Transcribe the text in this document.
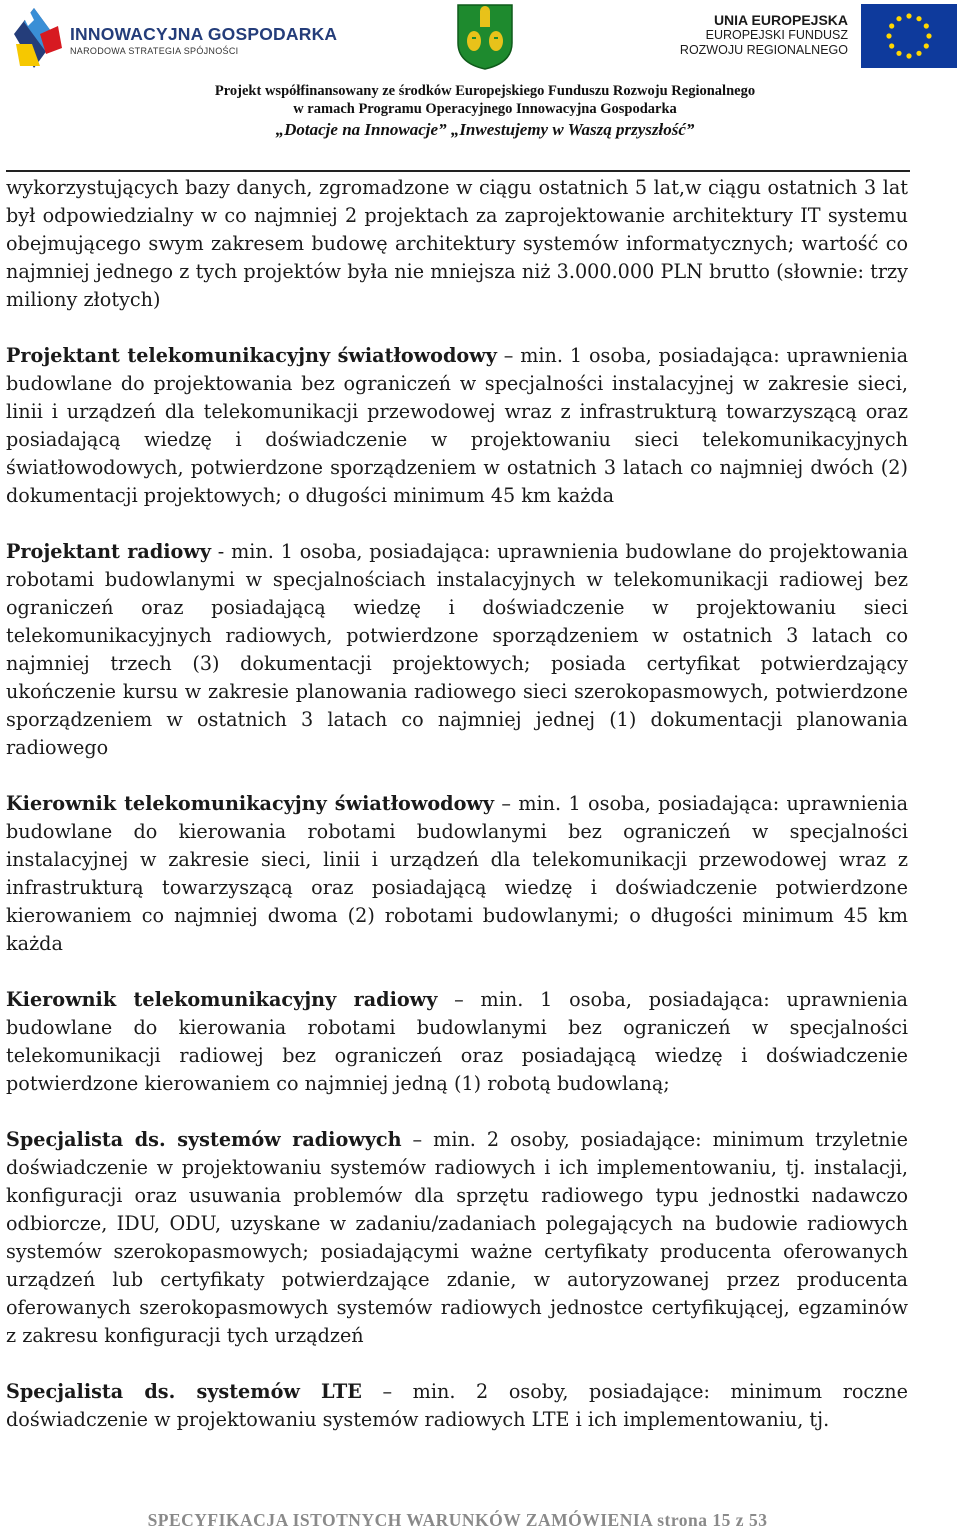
INNOWACYJNA GOSPODARKA
NARODOWA STRATEGIA SPÓJNOŚCI
UNIA EUROPEJSKA
EUROPEJSKI FUNDUSZ
ROZWOJU REGIONALNEGO
Projekt współfinansowany ze środków Europejskiego Funduszu Rozwoju Regionalnego
w ramach Programu Operacyjnego Innowacyjna Gospodarka
„Dotacje na Innowacje” „Inwestujemy w Waszą przyszłość”

wykorzystujących bazy danych, zgromadzone w ciągu ostatnich 5 lat,w ciągu ostatnich 3 lat był odpowiedzialny w co najmniej 2 projektach za zaprojektowanie architektury IT systemu obejmującego swym zakresem budowę architektury systemów informatycznych; wartość co najmniej jednego z tych projektów była nie mniejsza niż 3.000.000 PLN brutto (słownie: trzy miliony złotych)

Projektant telekomunikacyjny światłowodowy – min. 1 osoba, posiadająca: uprawnienia budowlane do projektowania bez ograniczeń w specjalności instalacyjnej w zakresie sieci, linii i urządzeń dla telekomunikacji przewodowej wraz z infrastrukturą towarzyszącą oraz posiadającą wiedzę i doświadczenie w projektowaniu sieci telekomunikacyjnych światłowodowych, potwierdzone sporządzeniem w ostatnich 3 latach co najmniej dwóch (2) dokumentacji projektowych; o długości minimum 45 km każda

Projektant radiowy - min. 1 osoba, posiadająca: uprawnienia budowlane do projektowania robotami budowlanymi w specjalnościach instalacyjnych w telekomunikacji radiowej bez ograniczeń oraz posiadającą wiedzę i doświadczenie w projektowaniu sieci telekomunikacyjnych radiowych, potwierdzone sporządzeniem w ostatnich 3 latach co najmniej trzech (3) dokumentacji projektowych; posiada certyfikat potwierdzający ukończenie kursu w zakresie planowania radiowego sieci szerokopasmowych, potwierdzone sporządzeniem w ostatnich 3 latach co najmniej jednej (1) dokumentacji planowania radiowego

Kierownik telekomunikacyjny światłowodowy – min. 1 osoba, posiadająca: uprawnienia budowlane do kierowania robotami budowlanymi bez ograniczeń w specjalności instalacyjnej w zakresie sieci, linii i urządzeń dla telekomunikacji przewodowej wraz z infrastrukturą towarzyszącą oraz posiadającą wiedzę i doświadczenie potwierdzone kierowaniem co najmniej dwoma (2) robotami budowlanymi; o długości minimum 45 km każda

Kierownik telekomunikacyjny radiowy – min. 1 osoba, posiadająca: uprawnienia budowlane do kierowania robotami budowlanymi bez ograniczeń w specjalności telekomunikacji radiowej bez ograniczeń oraz posiadającą wiedzę i doświadczenie potwierdzone kierowaniem co najmniej jedną (1) robotą budowlaną;

Specjalista ds. systemów radiowych – min. 2 osoby, posiadające: minimum trzyletnie doświadczenie w projektowaniu systemów radiowych i ich implementowaniu, tj. instalacji, konfiguracji oraz usuwania problemów dla sprzętu radiowego typu jednostki nadawczo odbiorcze, IDU, ODU, uzyskane w zadaniu/zadaniach polegających na budowie radiowych systemów szerokopasmowych; posiadającymi ważne certyfikaty producenta oferowanych urządzeń lub certyfikaty potwierdzające zdanie, w autoryzowanej przez producenta oferowanych szerokopasmowych systemów radiowych jednostce certyfikującej, egzaminów z zakresu konfiguracji tych urządzeń

Specjalista ds. systemów LTE – min. 2 osoby, posiadające: minimum roczne doświadczenie w projektowaniu systemów radiowych LTE i ich implementowaniu, tj.

SPECYFIKACJA ISTOTNYCH WARUNKÓW ZAMÓWIENIA strona 15 z 53
